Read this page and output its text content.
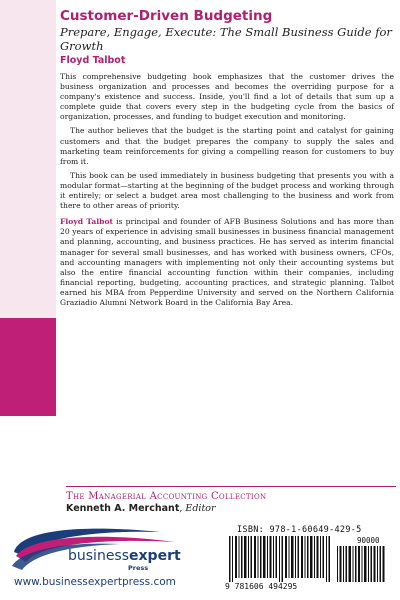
Customer-Driven Budgeting
Prepare, Engage, Execute: The Small Business Guide for Growth
Floyd Talbot

This comprehensive budgeting book emphasizes that the customer drives the business organization and processes and becomes the overriding purpose for a company's existence and success. Inside, you'll find a lot of details that sum up a complete guide that covers every step in the budgeting cycle from the basics of organization, processes, and funding to budget execution and monitoring.

The author believes that the budget is the starting point and catalyst for gaining customers and that the budget prepares the company to supply the sales and marketing team reinforcements for giving a compelling reason for customers to buy from it.

This book can be used immediately in business budgeting that presents you with a modular format—starting at the beginning of the budget process and working through it entirely; or select a budget area most challenging to the business and work from there to other areas of priority.

Floyd Talbot is principal and founder of AFB Business Solutions and has more than 20 years of experience in advising small businesses in business financial management and planning, accounting, and business practices. He has served as interim financial manager for several small businesses, and has worked with business owners, CFOs, and accounting managers with implementing not only their accounting systems but also the entire financial accounting function within their companies, including financial reporting, budgeting, accounting practices, and strategic planning. Talbot earned his MBA from Pepperdine University and served on the Northern California Graziadio Alumni Network Board in the California Bay Area.

The Managerial Accounting Collection
Kenneth A. Merchant, Editor
businessexpert
Press
www.businessexpertpress.com
ISBN: 978-1-60649-429-5
90000
9 781606 494295
